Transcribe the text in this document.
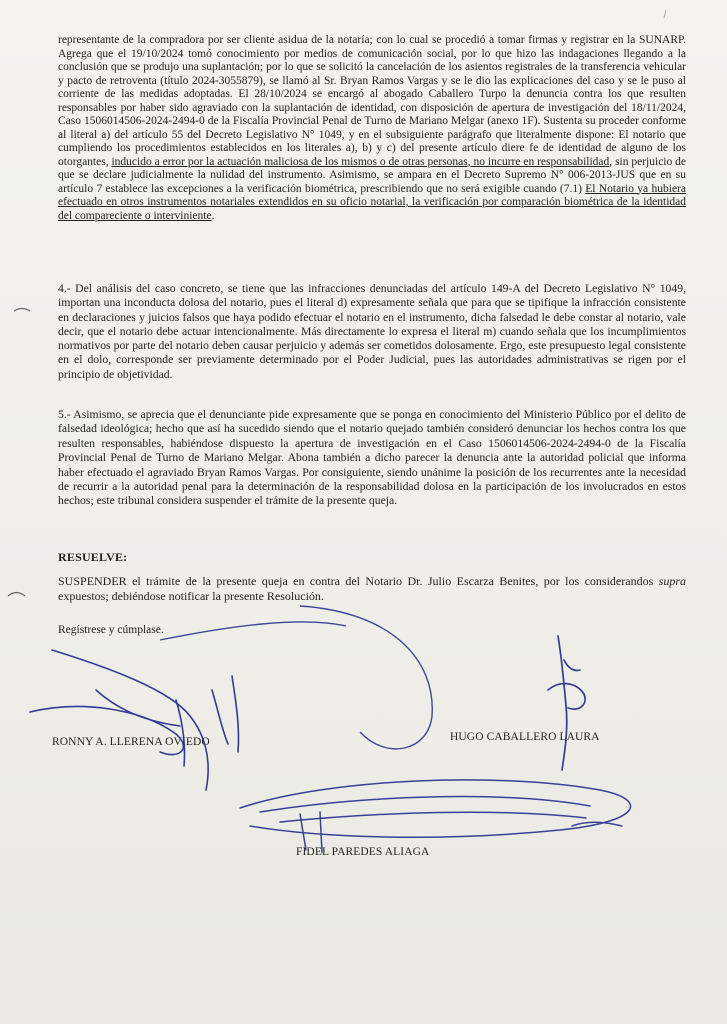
representante de la compradora por ser cliente asidua de la notaría; con lo cual se procedió a tomar firmas y registrar en la SUNARP. Agrega que el 19/10/2024 tomó conocimiento por medios de comunicación social, por lo que hizo las indagaciones llegando a la conclusión que se produjo una suplantación; por lo que se solicitó la cancelación de los asientos registrales de la transferencia vehicular y pacto de retroventa (título 2024-3055879), se llamó al Sr. Bryan Ramos Vargas y se le dio las explicaciones del caso y se le puso al corriente de las medidas adoptadas. El 28/10/2024 se encargó al abogado Caballero Turpo la denuncia contra los que resulten responsables por haber sido agraviado con la suplantación de identidad, con disposición de apertura de investigación del 18/11/2024, Caso 1506014506-2024-2494-0 de la Fiscalía Provincial Penal de Turno de Mariano Melgar (anexo 1F). Sustenta su proceder conforme al literal a) del artículo 55 del Decreto Legislativo N° 1049, y en el subsiguiente parágrafo que literalmente dispone: El notario que cumpliendo los procedimientos establecidos en los literales a), b) y c) del presente artículo diere fe de identidad de alguno de los otorgantes, inducido a error por la actuación maliciosa de los mismos o de otras personas, no incurre en responsabilidad, sin perjuicio de que se declare judicialmente la nulidad del instrumento. Asimismo, se ampara en el Decreto Supremo N° 006-2013-JUS que en su artículo 7 establece las excepciones a la verificación biométrica, prescribiendo que no será exigible cuando (7.1) El Notario ya hubiera efectuado en otros instrumentos notariales extendidos en su oficio notarial, la verificación por comparación biométrica de la identidad del compareciente o interviniente.
4.- Del análisis del caso concreto, se tiene que las infracciones denunciadas del artículo 149-A del Decreto Legislativo N° 1049, importan una inconducta dolosa del notario, pues el literal d) expresamente señala que para que se tipifique la infracción consistente en declaraciones y juicios falsos que haya podido efectuar el notario en el instrumento, dicha falsedad le debe constar al notario, vale decir, que el notario debe actuar intencionalmente. Más directamente lo expresa el literal m) cuando señala que los incumplimientos normativos por parte del notario deben causar perjuicio y además ser cometidos dolosamente. Ergo, este presupuesto legal consistente en el dolo, corresponde ser previamente determinado por el Poder Judicial, pues las autoridades administrativas se rigen por el principio de objetividad.
5.- Asimismo, se aprecia que el denunciante pide expresamente que se ponga en conocimiento del Ministerio Público por el delito de falsedad ideológica; hecho que así ha sucedido siendo que el notario quejado también consideró denunciar los hechos contra los que resulten responsables, habiéndose dispuesto la apertura de investigación en el Caso 1506014506-2024-2494-0 de la Fiscalía Provincial Penal de Turno de Mariano Melgar. Abona también a dicho parecer la denuncia ante la autoridad policial que informa haber efectuado el agraviado Bryan Ramos Vargas. Por consiguiente, siendo unánime la posición de los recurrentes ante la necesidad de recurrir a la autoridad penal para la determinación de la responsabilidad dolosa en la participación de los involucrados en estos hechos; este tribunal considera suspender el trámite de la presente queja.
RESUELVE:
SUSPENDER el trámite de la presente queja en contra del Notario Dr. Julio Escarza Benites, por los considerandos supra expuestos; debiéndose notificar la presente Resolución.
Regístrese y cúmplase.
RONNY A. LLERENA OVIEDO	HUGO CABALLERO LAURA
FIDEL PAREDES ALIAGA
